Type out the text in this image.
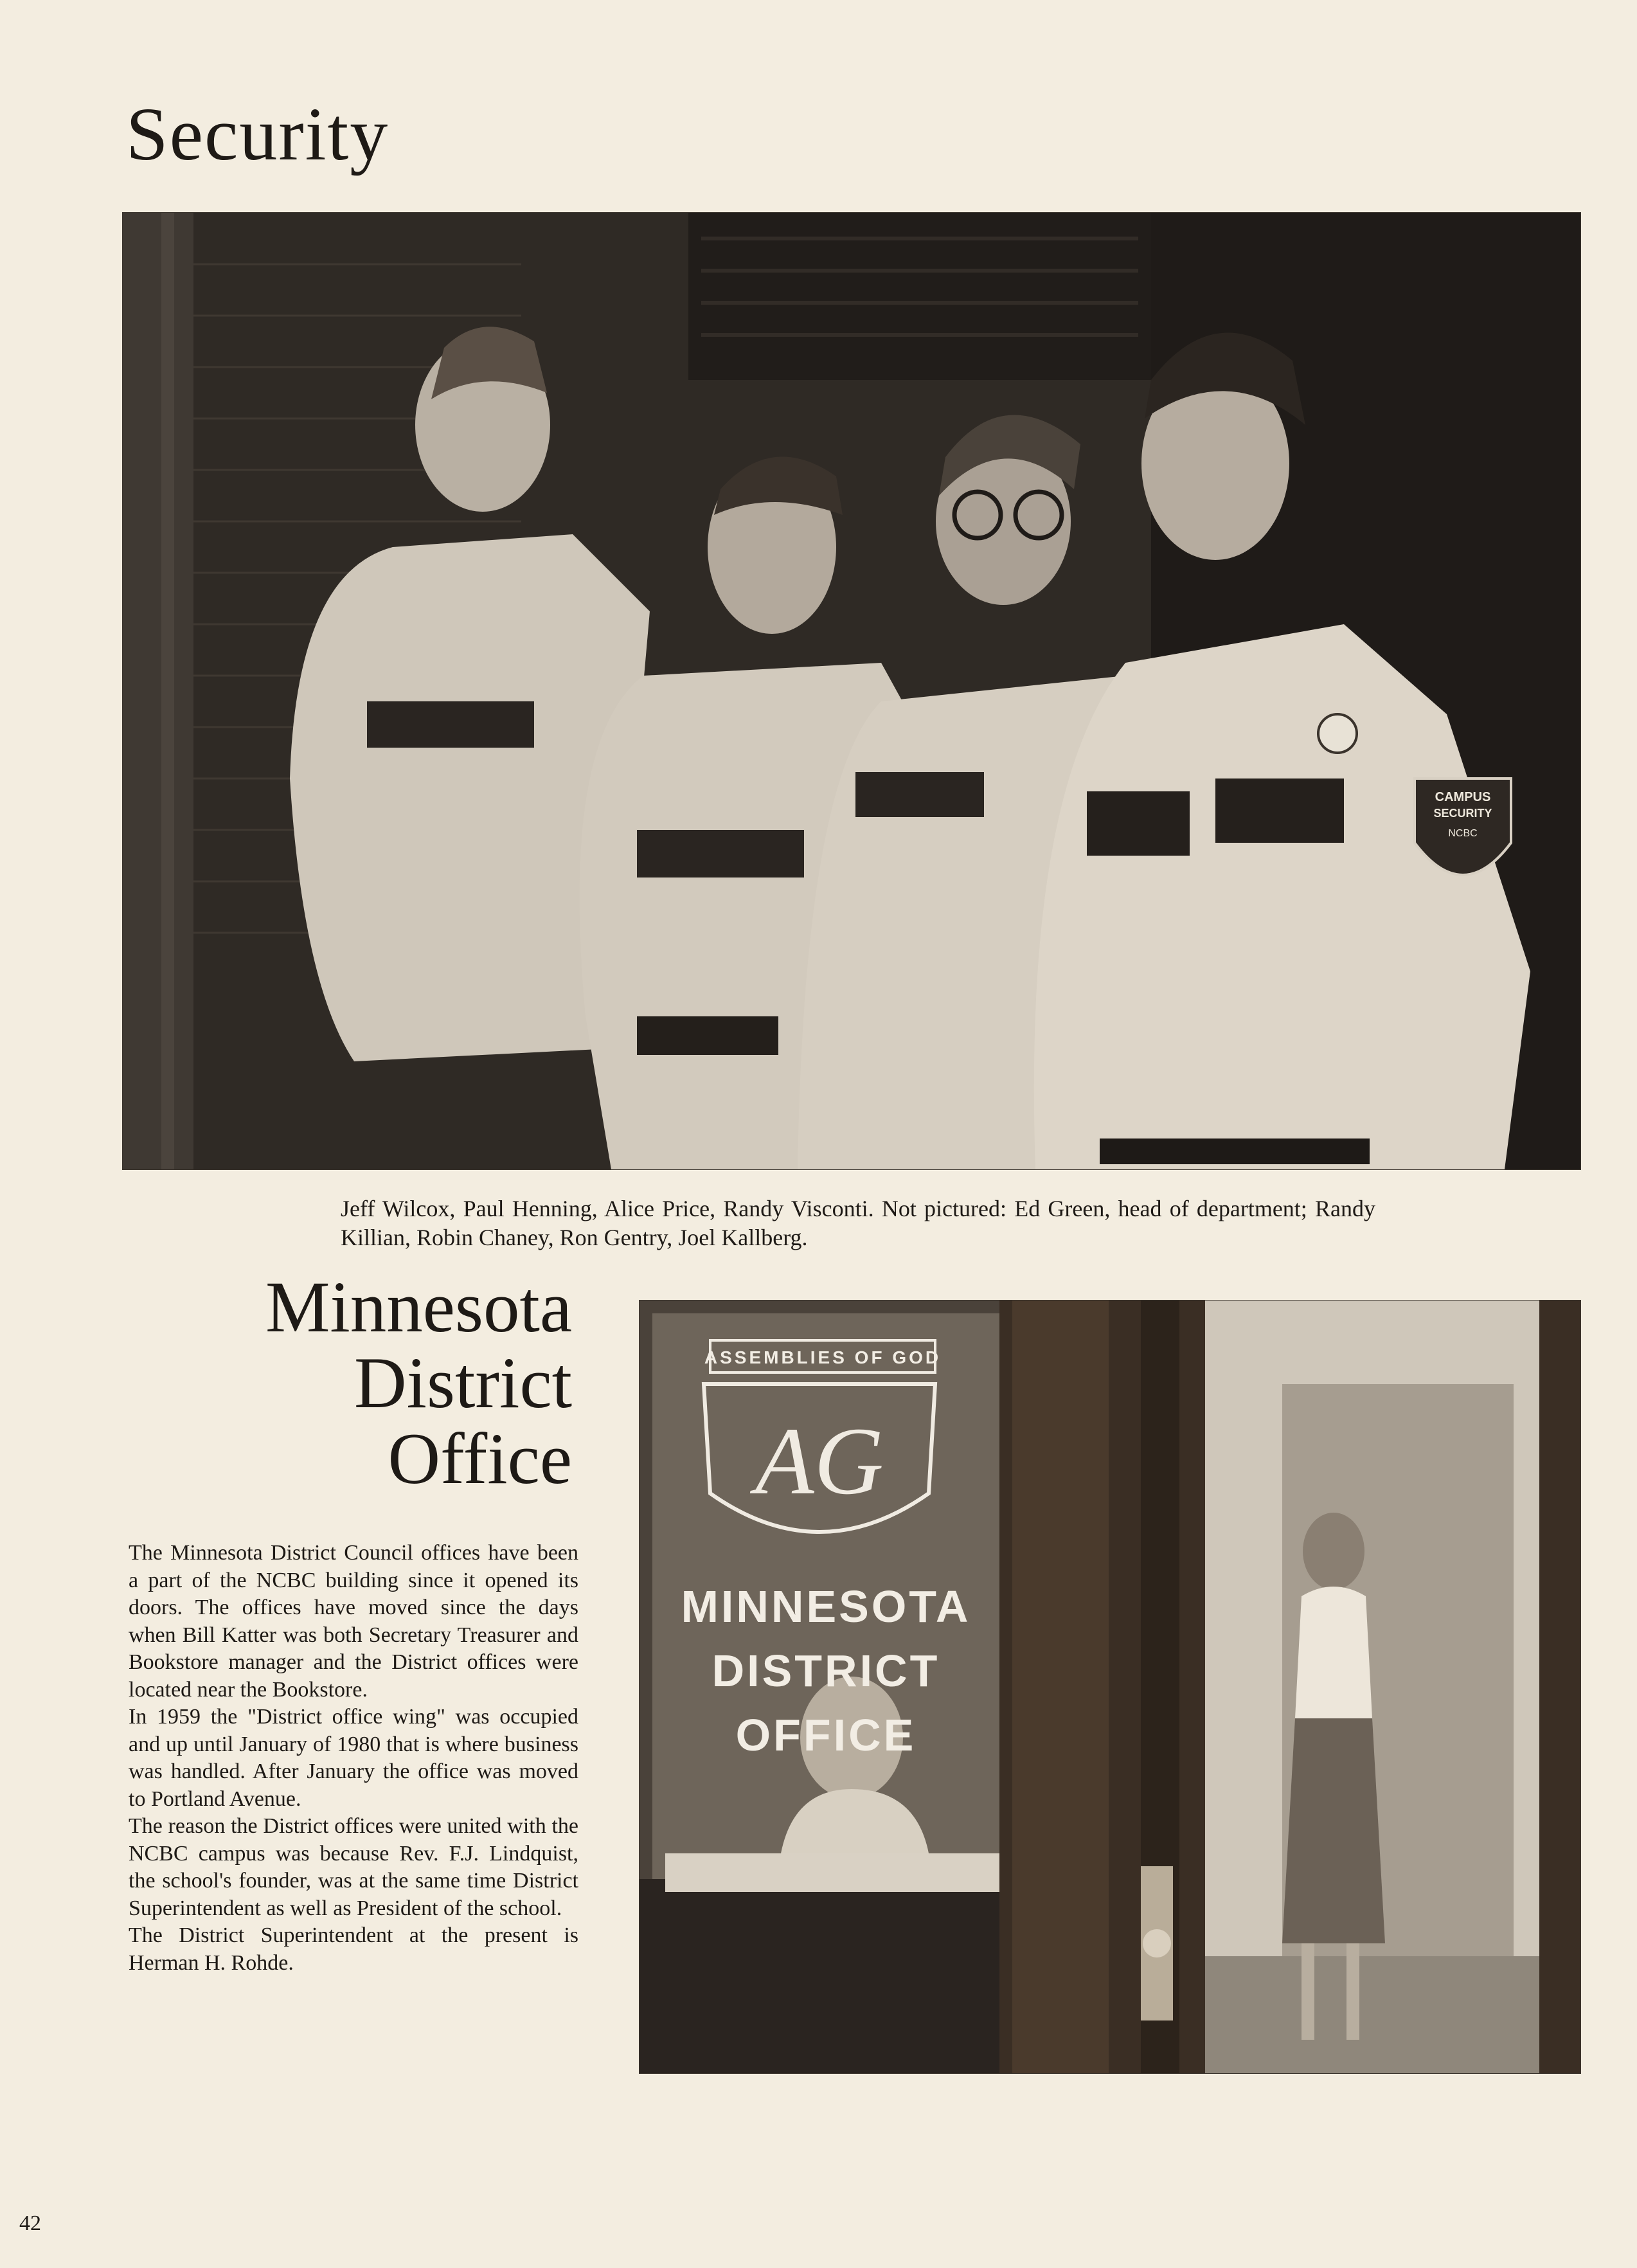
Security
CAMPUS
SECURITY
NCBC

Jeff Wilcox, Paul Henning, Alice Price, Randy Visconti. Not pictured: Ed Green, head of department; Randy Killian, Robin Chaney, Ron Gentry, Joel Kallberg.

Minnesota
District
Office

The Minnesota District Council offices have been a part of the NCBC building since it opened its doors. The offices have moved since the days when Bill Katter was both Secretary Treasurer and Bookstore manager and the District offices were located near the Bookstore.

In 1959 the "District office wing" was occupied and up until January of 1980 that is where business was handled. After January the office was moved to Portland Avenue.

The reason the District offices were united with the NCBC campus was because Rev. F.J. Lindquist, the school's founder, was at the same time District Superintendent as well as President of the school.

The District Superintendent at the present is Herman H. Rohde.

ASSEMBLIES OF GOD
AG
MINNESOTA
DISTRICT
OFFICE
42
